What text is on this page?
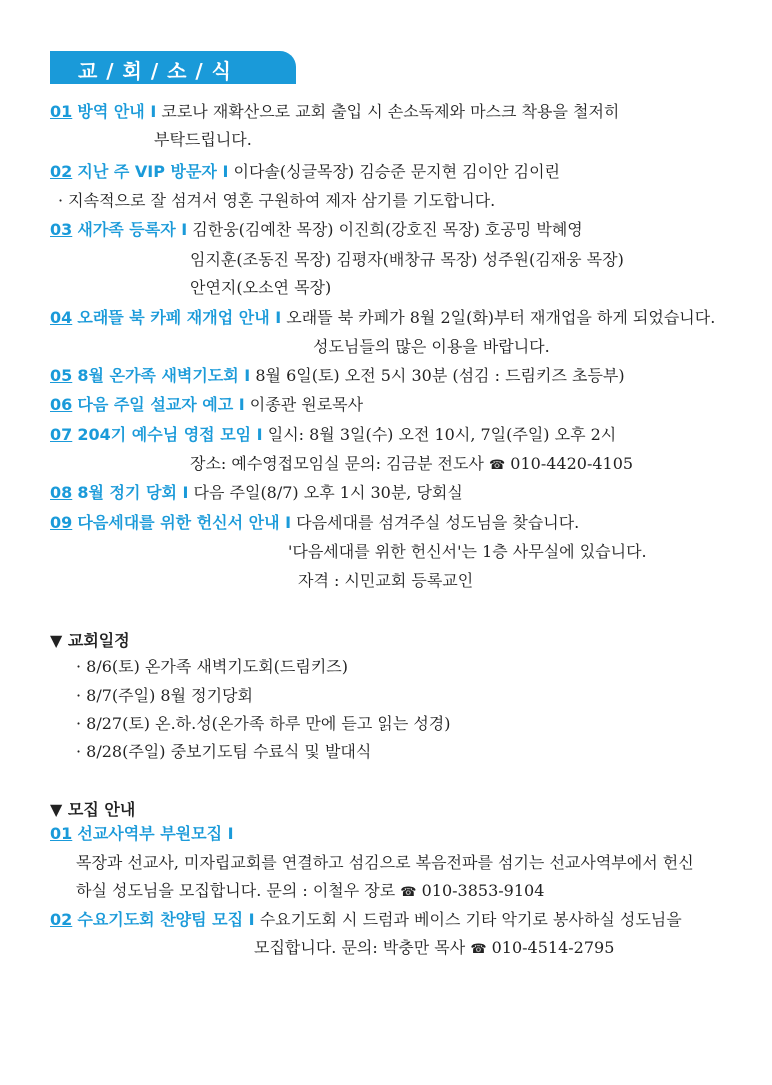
교 / 회 / 소 / 식
01 방역 안내 I 코로나 재확산으로 교회 출입 시 손소독제와 마스크 착용을 철저히
부탁드립니다.
02 지난 주 VIP 방문자 I 이다솔(싱글목장) 김승준 문지현 김이안 김이린
· 지속적으로 잘 섬겨서 영혼 구원하여 제자 삼기를 기도합니다.
03 새가족 등록자 I 김한웅(김예찬 목장) 이진희(강호진 목장) 호공밍 박혜영
임지훈(조동진 목장) 김평자(배창규 목장) 성주원(김재웅 목장)
안연지(오소연 목장)
04 오래뜰 북 카페 재개업 안내 I 오래뜰 북 카페가 8월 2일(화)부터 재개업을 하게 되었습니다.
성도님들의 많은 이용을 바랍니다.
05 8월 온가족 새벽기도회 I 8월 6일(토) 오전 5시 30분 (섬김 : 드림키즈 초등부)
06 다음 주일 설교자 예고 I 이종관 원로목사
07 204기 예수님 영접 모임 I 일시: 8월 3일(수) 오전 10시, 7일(주일) 오후 2시
장소: 예수영접모임실 문의: 김금분 전도사 ☎ 010-4420-4105
08 8월 정기 당회 I 다음 주일(8/7) 오후 1시 30분, 당회실
09 다음세대를 위한 헌신서 안내 I 다음세대를 섬겨주실 성도님을 찾습니다.
'다음세대를 위한 헌신서'는 1층 사무실에 있습니다.
자격 : 시민교회 등록교인
▼ 교회일정
· 8/6(토) 온가족 새벽기도회(드림키즈)
· 8/7(주일) 8월 정기당회
· 8/27(토) 온.하.성(온가족 하루 만에 듣고 읽는 성경)
· 8/28(주일) 중보기도팀 수료식 및 발대식
▼ 모집 안내
01 선교사역부 부원모집 I
목장과 선교사, 미자립교회를 연결하고 섬김으로 복음전파를 섬기는 선교사역부에서 헌신
하실 성도님을 모집합니다. 문의 : 이철우 장로 ☎ 010-3853-9104
02 수요기도회 찬양팀 모집 I 수요기도회 시 드럼과 베이스 기타 악기로 봉사하실 성도님을
모집합니다. 문의: 박충만 목사 ☎ 010-4514-2795
